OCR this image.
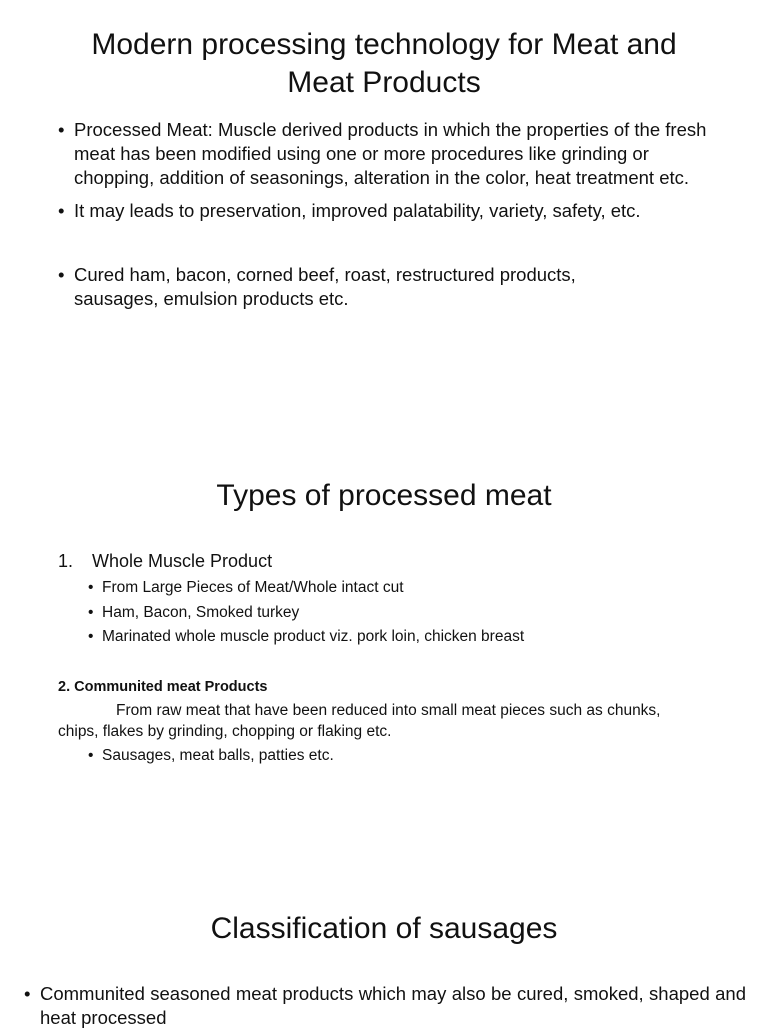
Modern processing technology for Meat and Meat Products
• Processed Meat: Muscle derived products in which the properties of the fresh meat has been modified using one or more procedures like grinding or chopping, addition of seasonings, alteration in the color, heat treatment etc.
• It may leads to preservation, improved palatability, variety, safety, etc.
• Cured ham, bacon, corned beef, roast, restructured products, sausages, emulsion products etc.
Types of processed meat

1.	Whole Muscle Product

• From Large Pieces of Meat/Whole intact cut
• Ham, Bacon, Smoked turkey
• Marinated whole muscle product viz. pork loin, chicken breast

2. Communited meat Products

From raw meat that have been reduced into small meat pieces such as chunks, chips, flakes by grinding, chopping or flaking etc.

• Sausages, meat balls, patties etc.
Classification of sausages
• Communited seasoned meat products which may also be cured, smoked, shaped and heat processed
